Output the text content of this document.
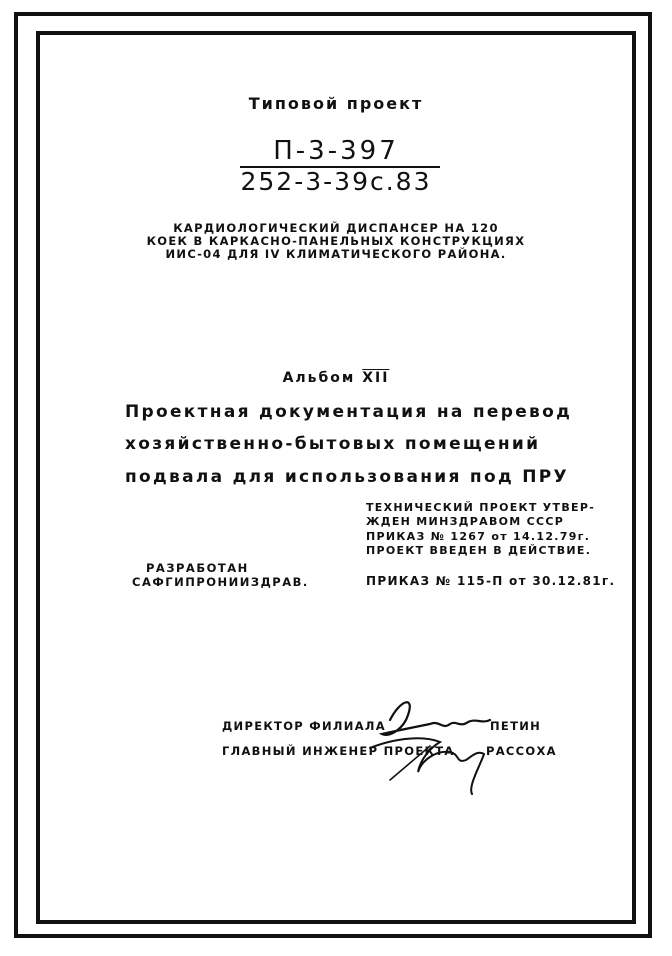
Типовой проект

П-3-397

252-3-39с.83

КАРДИОЛОГИЧЕСКИЙ ДИСПАНСЕР НА 120

КОЕК В КАРКАСНО-ПАНЕЛЬНЫХ КОНСТРУКЦИЯХ

ИИС-04 ДЛЯ IV КЛИМАТИЧЕСКОГО РАЙОНА.

Альбом $\overline{XII}$

Проектная документация на перевод

хозяйственно-бытовых помещений

подвала для использования под ПРУ

ТЕХНИЧЕСКИЙ ПРОЕКТ УТВЕР-

ЖДЕН МИНЗДРАВОМ СССР

ПРИКАЗ № 1267 от 14.12.79г.

ПРОЕКТ ВВЕДЕН В ДЕЙСТВИЕ.

ПРИКАЗ № 115-П от 30.12.81г.

РАЗРАБОТАН

САФГИПРОНИИЗДРАВ.

ДИРЕКТОР ФИЛИАЛА	ПЕТИН

ГЛАВНЫЙ ИНЖЕНЕР ПРОЕКТА	РАССОХА
